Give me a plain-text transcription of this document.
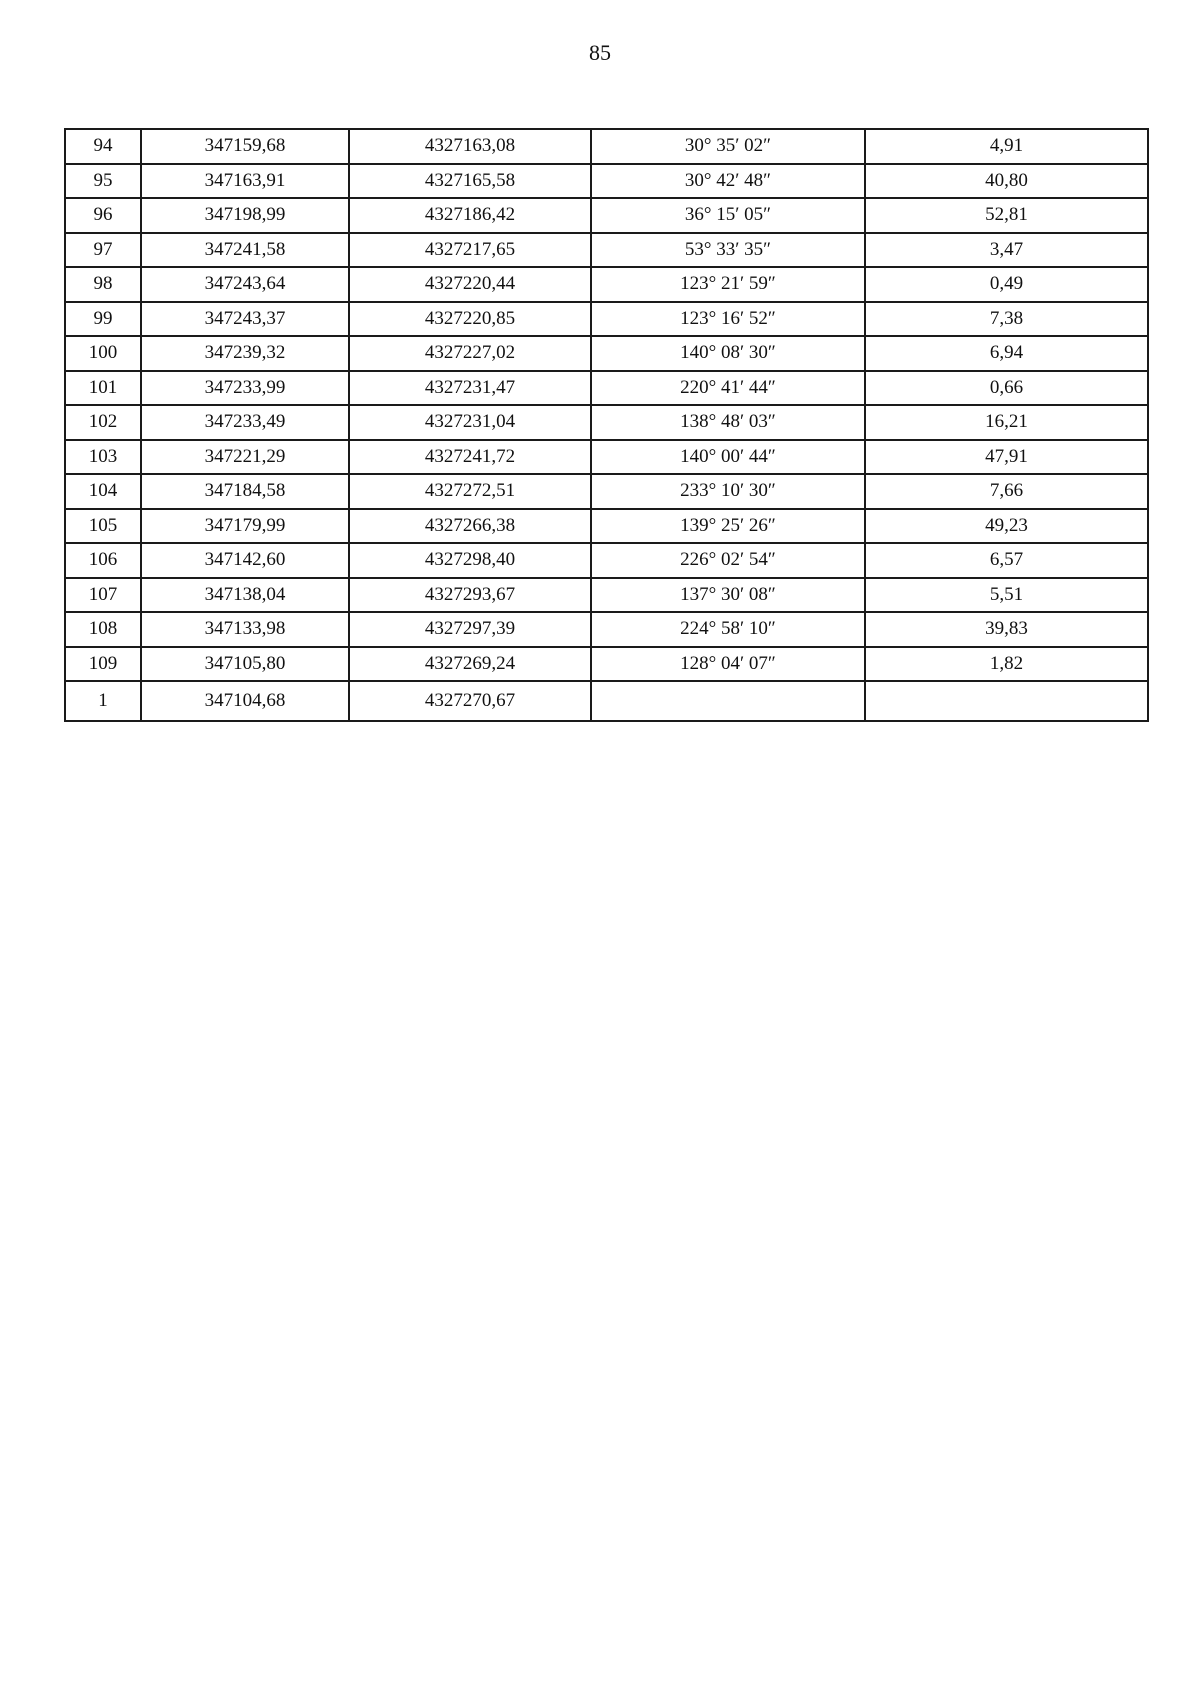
85
94	347159,68	4327163,08	30° 35′ 02″	4,91
95	347163,91	4327165,58	30° 42′ 48″	40,80
96	347198,99	4327186,42	36° 15′ 05″	52,81
97	347241,58	4327217,65	53° 33′ 35″	3,47
98	347243,64	4327220,44	123° 21′ 59″	0,49
99	347243,37	4327220,85	123° 16′ 52″	7,38
100	347239,32	4327227,02	140° 08′ 30″	6,94
101	347233,99	4327231,47	220° 41′ 44″	0,66
102	347233,49	4327231,04	138° 48′ 03″	16,21
103	347221,29	4327241,72	140° 00′ 44″	47,91
104	347184,58	4327272,51	233° 10′ 30″	7,66
105	347179,99	4327266,38	139° 25′ 26″	49,23
106	347142,60	4327298,40	226° 02′ 54″	6,57
107	347138,04	4327293,67	137° 30′ 08″	5,51
108	347133,98	4327297,39	224° 58′ 10″	39,83
109	347105,80	4327269,24	128° 04′ 07″	1,82
1	347104,68	4327270,67		
